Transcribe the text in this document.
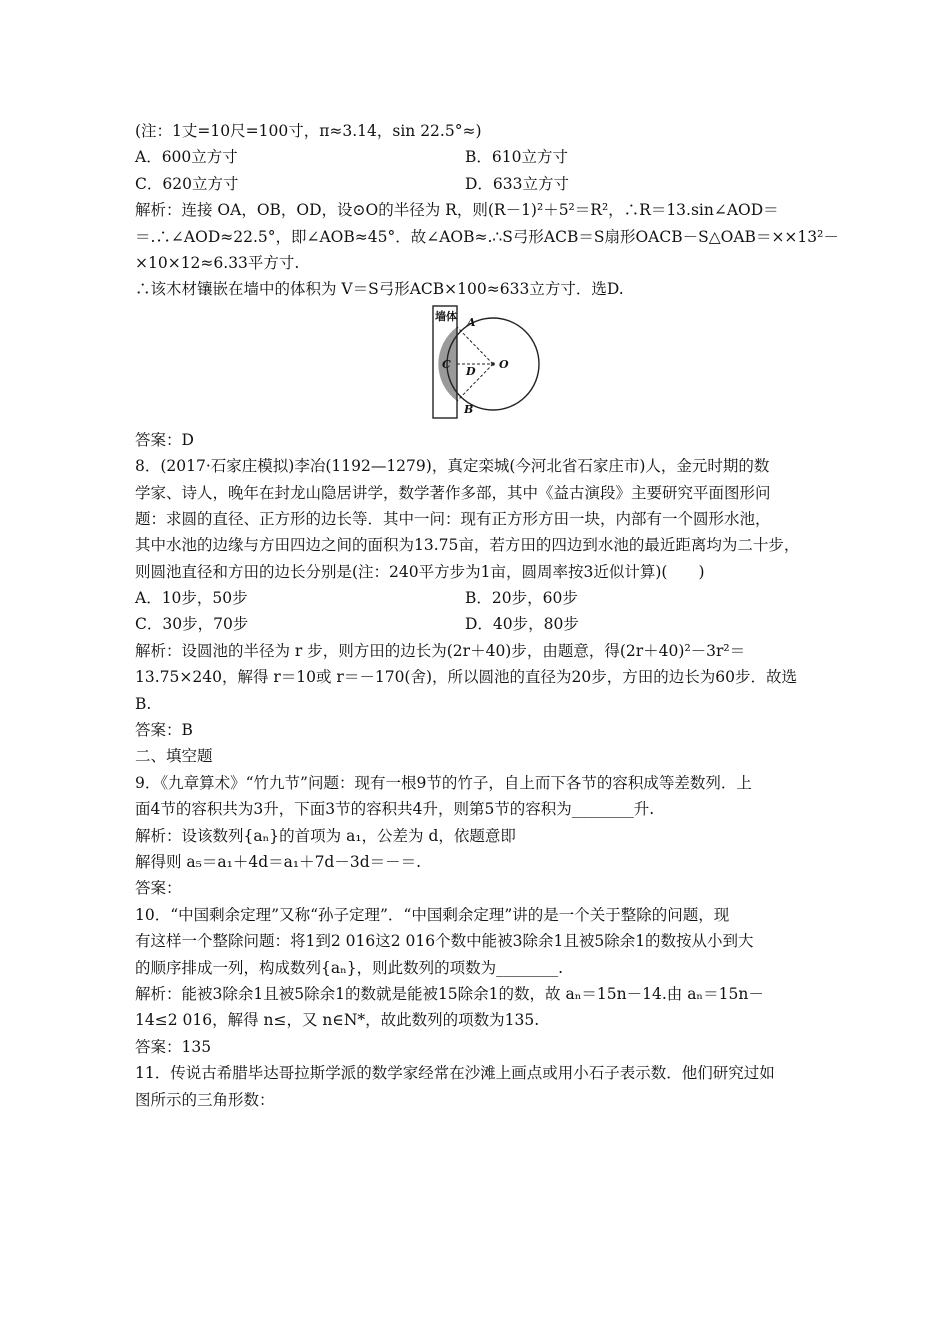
(注：1丈=10尺=100寸，π≈3.14，sin 22.5°≈)
A．600立方寸	B．610立方寸
C．620立方寸	D．633立方寸
解析：连接 OA，OB，OD，设⊙O的半径为 R，则(R－1)²＋5²＝R²，∴R＝13.sin∠AOD＝
＝.∴∠AOD≈22.5°，即∠AOB≈45°．故∠AOB≈.∴S弓形ACB＝S扇形OACB－S△OAB＝××13²－
×10×12≈6.33平方寸.
∴该木材镶嵌在墙中的体积为 V＝S弓形ACB×100≈633立方寸．选D.
墙体 A
B
C
D
O
答案：D
8．(2017·石家庄模拟)李冶(1192—1279)，真定栾城(今河北省石家庄市)人，金元时期的数
学家、诗人，晚年在封龙山隐居讲学，数学著作多部，其中《益古演段》主要研究平面图形问
题：求圆的直径、正方形的边长等．其中一问：现有正方形方田一块，内部有一个圆形水池，
其中水池的边缘与方田四边之间的面积为13.75亩，若方田的四边到水池的最近距离均为二十步，
则圆池直径和方田的边长分别是(注：240平方步为1亩，圆周率按3近似计算)(　　)
A．10步，50步	B．20步，60步
C．30步，70步	D．40步，80步
解析：设圆池的半径为 r 步，则方田的边长为(2r＋40)步，由题意，得(2r＋40)²－3r²＝
13.75×240，解得 r＝10或 r＝－170(舍)，所以圆池的直径为20步，方田的边长为60步．故选
B.
答案：B
二、填空题
9．《九章算术》“竹九节”问题：现有一根9节的竹子，自上而下各节的容积成等差数列．上
面4节的容积共为3升，下面3节的容积共4升，则第5节的容积为________升.
解析：设该数列{aₙ}的首项为 a₁，公差为 d，依题意即
解得则 a₅＝a₁＋4d＝a₁＋7d－3d＝－＝.
答案：
10．“中国剩余定理”又称“孙子定理”．“中国剩余定理”讲的是一个关于整除的问题，现
有这样一个整除问题：将1到2 016这2 016个数中能被3除余1且被5除余1的数按从小到大
的顺序排成一列，构成数列{aₙ}，则此数列的项数为________.
解析：能被3除余1且被5除余1的数就是能被15除余1的数，故 aₙ＝15n－14.由 aₙ＝15n－
14≤2 016，解得 n≤，又 n∈N*，故此数列的项数为135.
答案：135
11．传说古希腊毕达哥拉斯学派的数学家经常在沙滩上画点或用小石子表示数．他们研究过如
图所示的三角形数：
